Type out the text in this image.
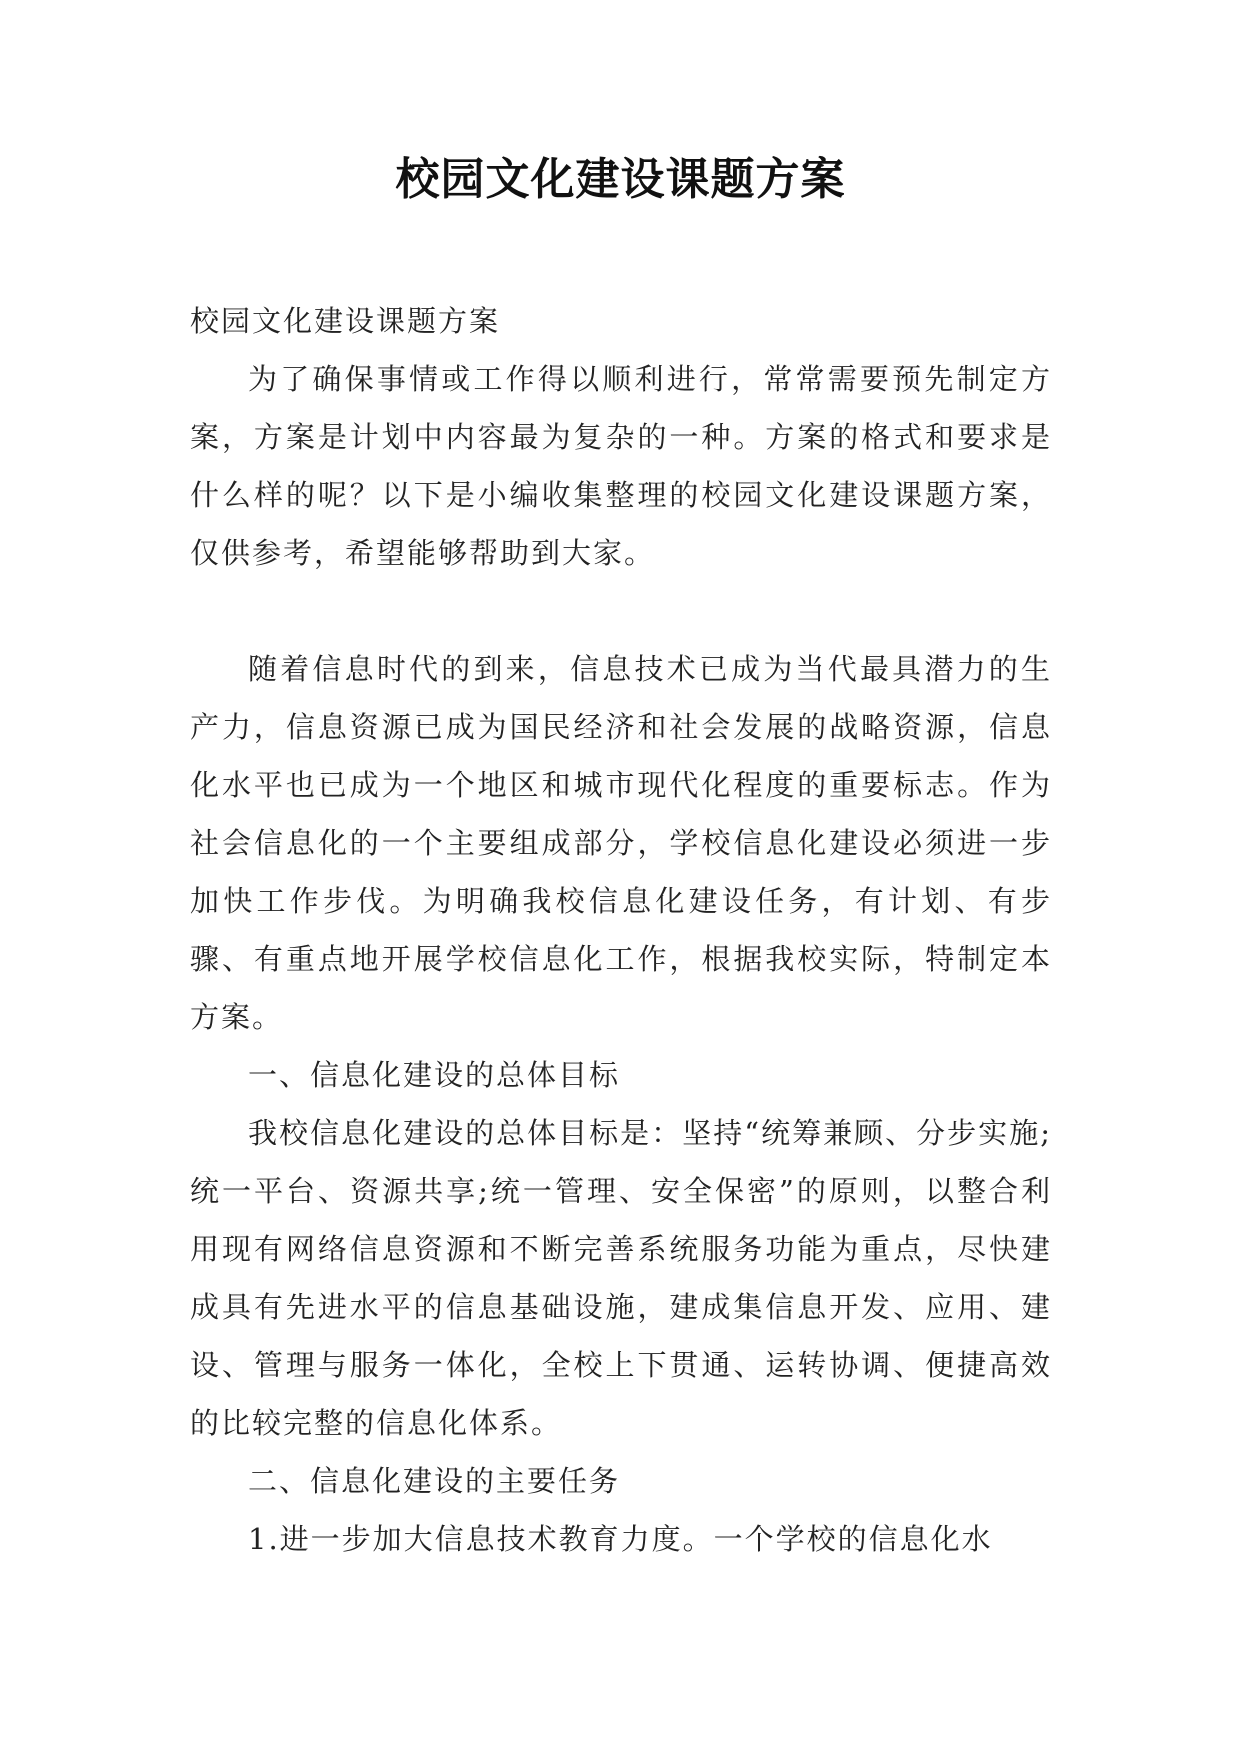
校园文化建设课题方案

校园文化建设课题方案

为了确保事情或工作得以顺利进行，常常需要预先制定方案，方案是计划中内容最为复杂的一种。方案的格式和要求是什么样的呢？以下是小编收集整理的校园文化建设课题方案，仅供参考，希望能够帮助到大家。

随着信息时代的到来，信息技术已成为当代最具潜力的生产力，信息资源已成为国民经济和社会发展的战略资源，信息化水平也已成为一个地区和城市现代化程度的重要标志。作为社会信息化的一个主要组成部分，学校信息化建设必须进一步加快工作步伐。为明确我校信息化建设任务，有计划、有步骤、有重点地开展学校信息化工作，根据我校实际，特制定本方案。

一、信息化建设的总体目标

我校信息化建设的总体目标是：坚持“统筹兼顾、分步实施;统一平台、资源共享;统一管理、安全保密”的原则，以整合利用现有网络信息资源和不断完善系统服务功能为重点，尽快建成具有先进水平的信息基础设施，建成集信息开发、应用、建设、管理与服务一体化，全校上下贯通、运转协调、便捷高效的比较完整的信息化体系。

二、信息化建设的主要任务

1.进一步加大信息技术教育力度。一个学校的信息化水
